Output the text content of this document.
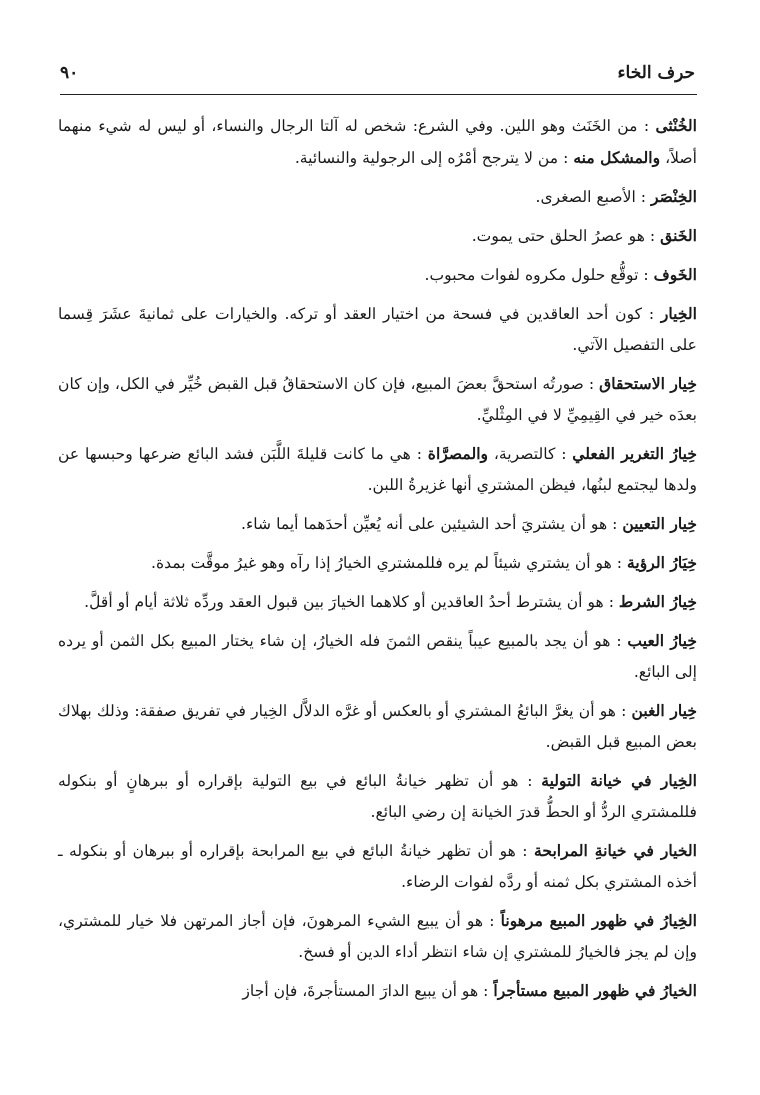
حرف الخاء
٩٠

الخُنْثى : من الخَنَث وهو اللين. وفي الشرع: شخص له آلتا الرجال والنساء، أو ليس له شيء منهما أصلاً، والمشكل منه : من لا يترجح أمْرُه إلى الرجولية والنسائية.

الخِنْصَر : الأصبع الصغرى.

الخَنق : هو عصرُ الحلق حتى يموت.

الخَوف : توقُّع حلول مكروه لفوات محبوب.

الخِيار : كون أحد العاقدين في فسحة من اختيار العقد أو تركه. والخيارات على ثمانيةَ عشَرَ قِسما على التفصيل الآتي.

خِيار الاستحقاق : صورتُه استحقَّ بعضَ المبيع، فإن كان الاستحقاقُ قبل القبض خُيِّر في الكل، وإن كان بعدَه خير في القِيمِيِّ لا في المِثْليِّ.

خِيارُ التغرير الفعلي : كالتصرية، والمصرَّاة : هي ما كانت قليلةَ اللَّبَن فشد البائع ضرعها وحبسها عن ولدها ليجتمع لبنُها، فيظن المشتري أنها غزيرةُ اللبن.

خِيار التعيين : هو أن يشتريَ أحد الشيئين على أنه يُعيِّن أحدَهما أيما شاء.

خِيَارُ الرؤية : هو أن يشتري شيئاً لم يره فللمشتري الخيارُ إذا رآه وهو غيرُ موقَّت بمدة.

خِيارُ الشرط : هو أن يشترط أحدُ العاقدين أو كلاهما الخيارَ بين قبول العقد وردِّه ثلاثة أيام أو أقلَّ.

خِيارُ العيب : هو أن يجد بالمبيع عيباً ينقص الثمنَ فله الخيارُ، إن شاء يختار المبيع بكل الثمن أو يرده إلى البائع.

خِيار الغبن : هو أن يغرَّ البائعُ المشتري أو بالعكس أو غرَّه الدلاَّل الخِيار في تفريق صفقة: وذلك بهلاك بعض المبيع قبل القبض.

الخِيار في خيانة التولية : هو أن تظهر خيانةُ البائع في بيع التولية بإقراره أو ببرهانٍ أو بنكوله فللمشتري الردُّ أو الحطُّ قدرَ الخيانة إن رضي البائع.

الخيار في خيانةِ المرابحة : هو أن تظهر خيانةُ البائع في بيع المرابحة بإقراره أو ببرهان أو بنكوله ـ أخذه المشتري بكل ثمنه أو ردَّه لفوات الرضاء.

الخِيارُ في ظهور المبيع مرهوناً : هو أن يبيع الشيء المرهونَ، فإن أجاز المرتهن فلا خيار للمشتري، وإن لم يجز فالخيارُ للمشتري إن شاء انتظر أداء الدين أو فسخ.

الخيارُ في ظهور المبيع مستأجراً : هو أن يبيع الدارَ المستأجرةَ، فإن أجاز
